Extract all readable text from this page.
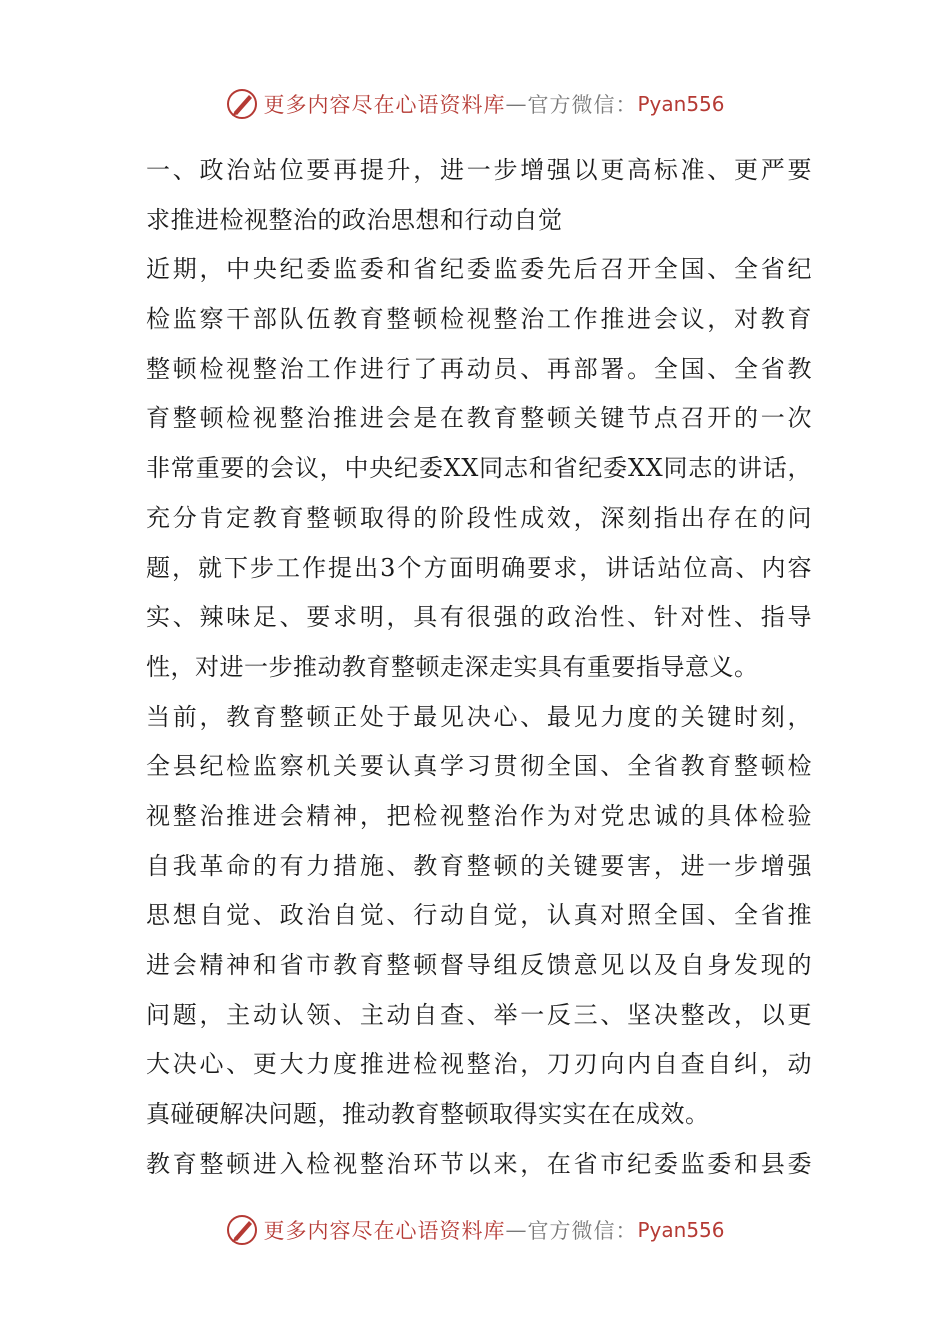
更多内容尽在心语资料库 — 官方微信： Pyan556
一、政治站位要再提升，进一步增强以更高标准、更严要
求推进检视整治的政治思想和行动自觉
近期，中央纪委监委和省纪委监委先后召开全国、全省纪
检监察干部队伍教育整顿检视整治工作推进会议，对教育
整顿检视整治工作进行了再动员、再部署。全国、全省教
育整顿检视整治推进会是在教育整顿关键节点召开的一次
非常重要的会议，中央纪委XX同志和省纪委XX同志的讲话，
充分肯定教育整顿取得的阶段性成效，深刻指出存在的问
题，就下步工作提出3个方面明确要求，讲话站位高、内容
实、辣味足、要求明，具有很强的政治性、针对性、指导
性，对进一步推动教育整顿走深走实具有重要指导意义。
当前，教育整顿正处于最见决心、最见力度的关键时刻，
全县纪检监察机关要认真学习贯彻全国、全省教育整顿检
视整治推进会精神，把检视整治作为对党忠诚的具体检验
自我革命的有力措施、教育整顿的关键要害，进一步增强
思想自觉、政治自觉、行动自觉，认真对照全国、全省推
进会精神和省市教育整顿督导组反馈意见以及自身发现的
问题，主动认领、主动自查、举一反三、坚决整改，以更
大决心、更大力度推进检视整治，刀刃向内自查自纠，动
真碰硬解决问题，推动教育整顿取得实实在在成效。
教育整顿进入检视整治环节以来，在省市纪委监委和县委
更多内容尽在心语资料库 — 官方微信： Pyan556
